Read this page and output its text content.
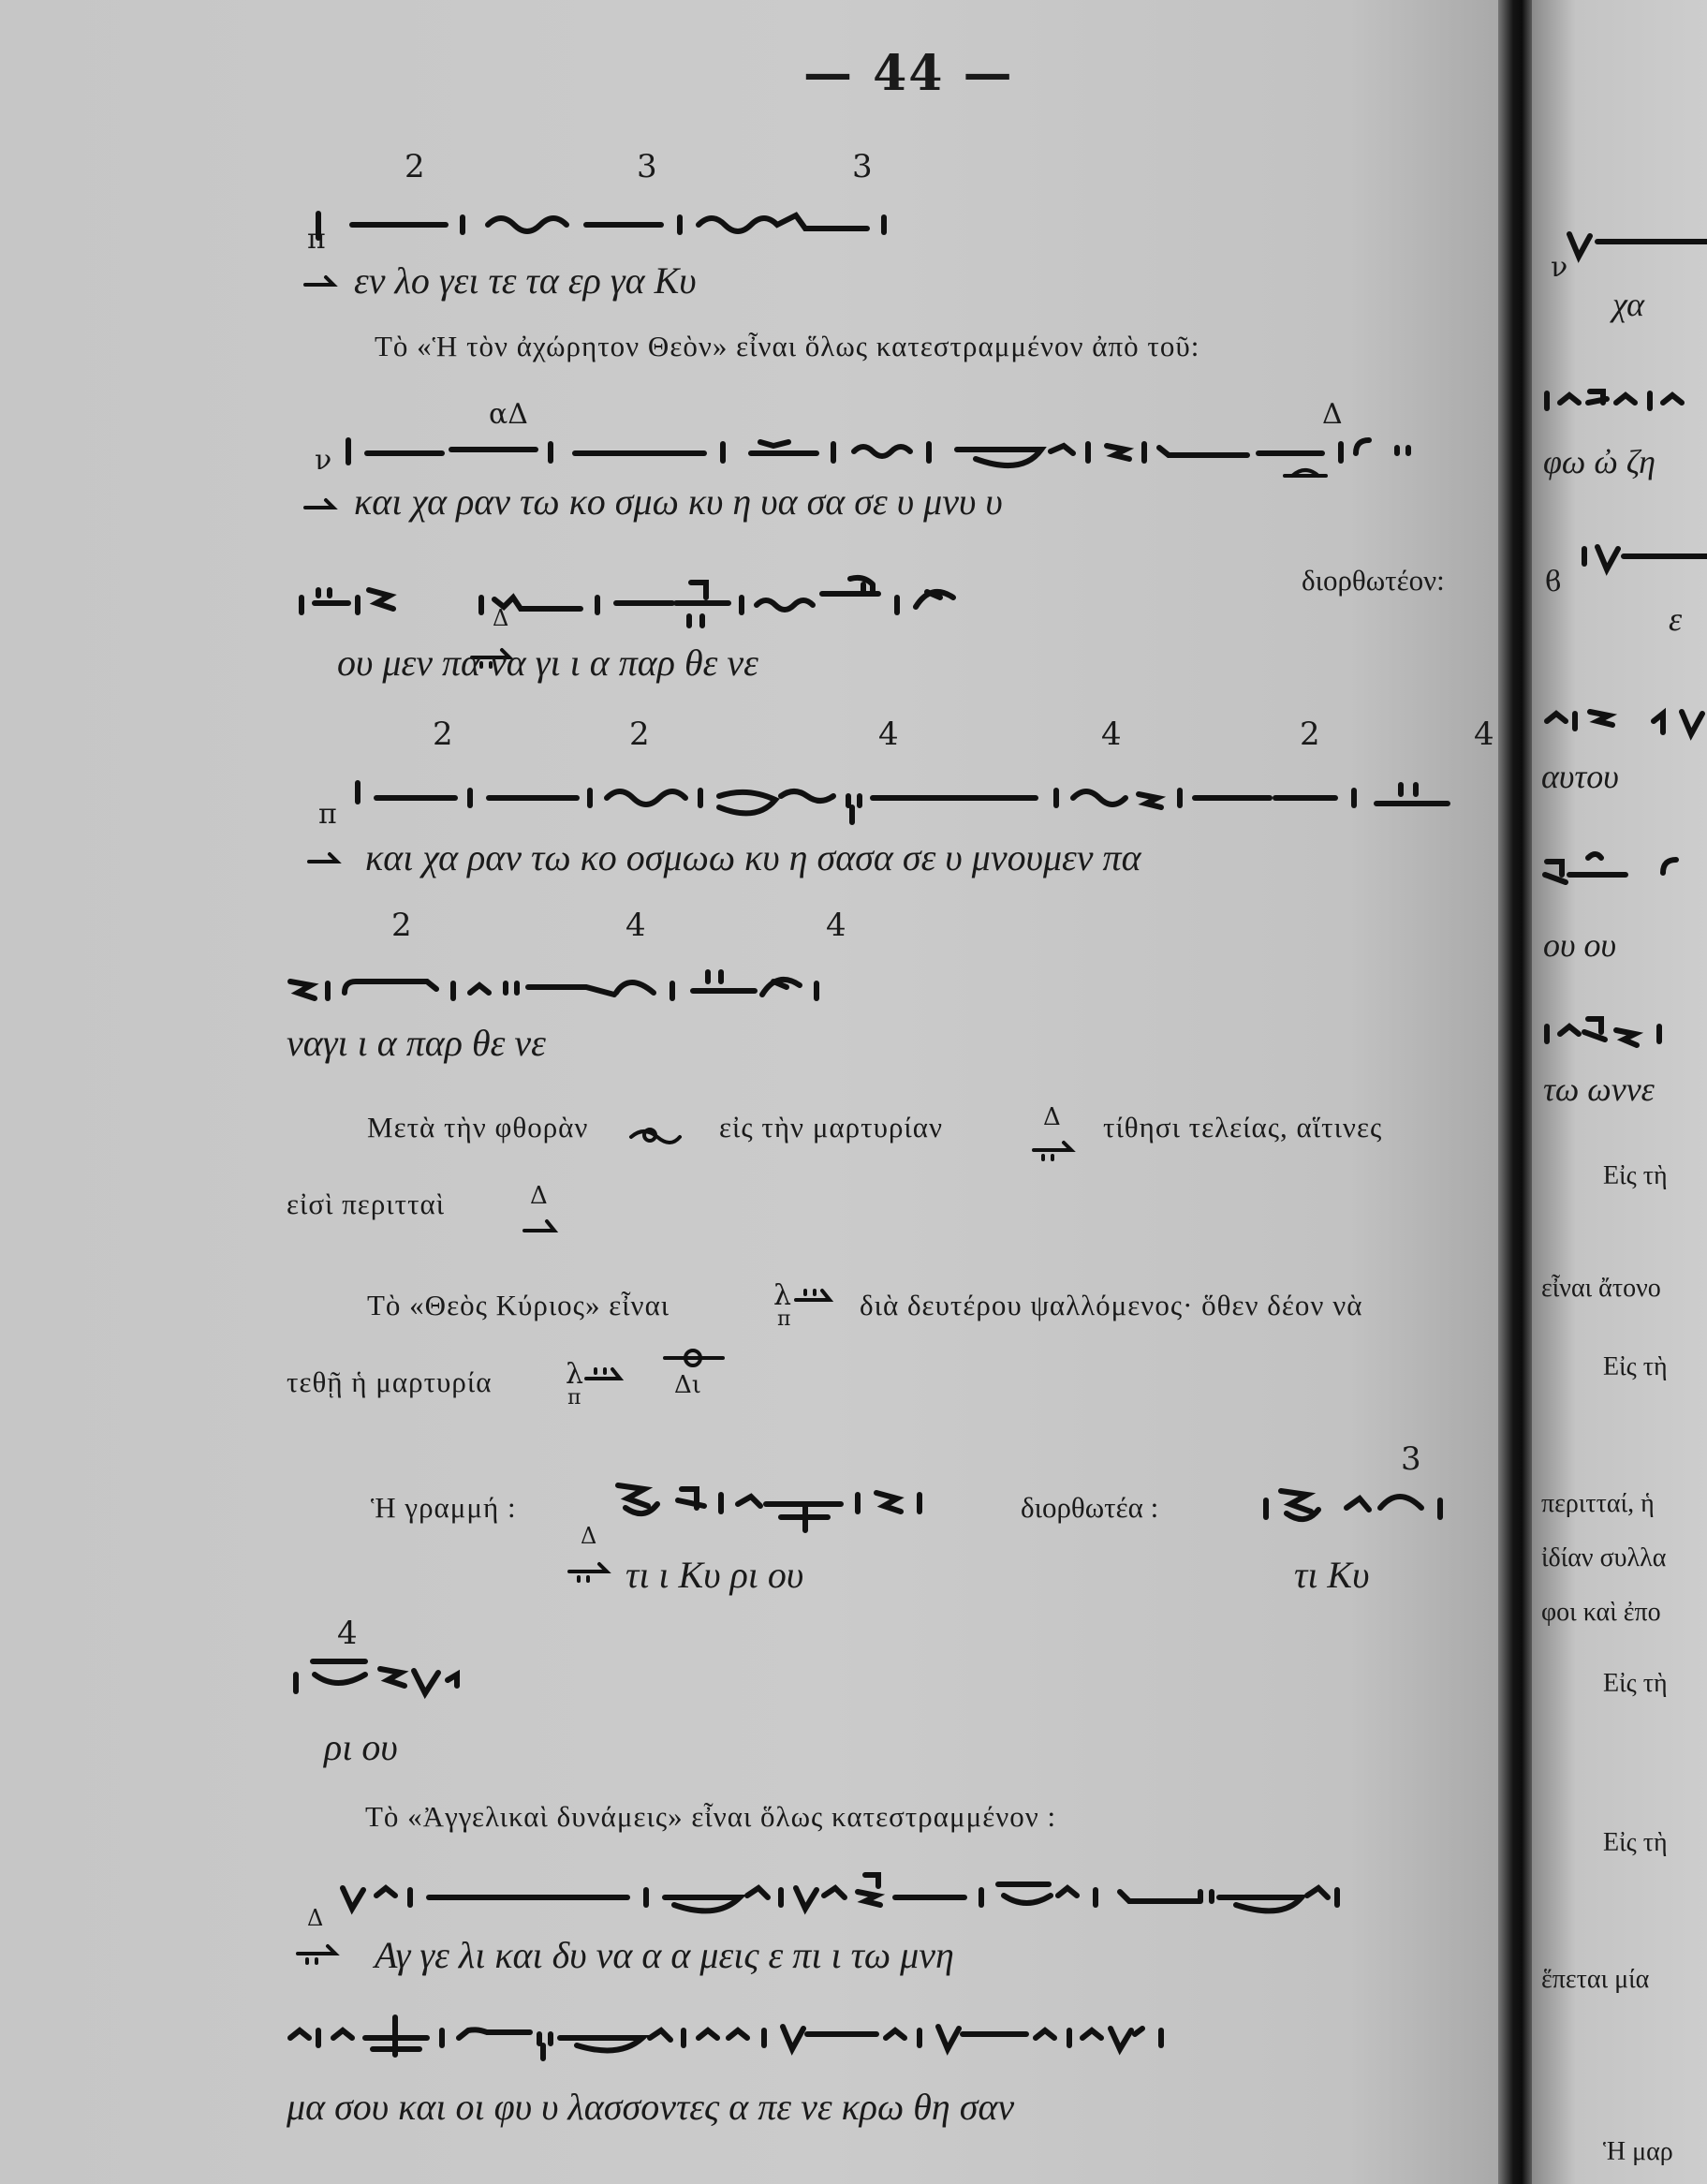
— 44 —
2	3	3
π
εν λο γει τε τα ερ γα Κυ
Τὸ «Ἡ τὸν ἀχώρητον Θεὸν» εἶναι ὅλως κατεστραμμένον ἀπὸ τοῦ:
αΔ	Δ
ν
και χα ραν τω κο σμω κυ η υα σα σε υ μνυ υ
διορθωτέον:
Δ
ου μεν πα να γι ι α παρ θε νε
2	2	4	4	2	4
π
και χα ραν τω κο οσμωω κυ η σασα σε υ μνουμεν πα
2	4	4
ναγι ι α παρ θε νε
Μετὰ τὴν φθορὰν	εἰς τὴν μαρτυρίαν	Δ τίθησι τελείας, αἵτινες
εἰσὶ περιτταὶ	Δ
Τὸ «Θεὸς Κύριος» εἶναι	λ
π διὰ δευτέρου ψαλλόμενος· ὅθεν δέον νὰ
τεθῇ ἡ μαρτυρία	λ
π	Δι
3
Ἡ γραμμή :	διορθωτέα :
Δ
τι ι Κυ ρι ου	τι Κυ
4
ρι ου
Τὸ «Ἀγγελικαὶ δυνάμεις» εἶναι ὅλως κατεστραμμένον :
Δ
Αγ γε λι και δυ να α α μεις ε πι ι τω μνη
μα σου και οι φυ υ λασσοντες α πε νε κρω θη σαν
ν
χα
φω ὠ ζη
ϐ
ε
αυτου
ου ου
τω ωννε
Εἰς τὴ
εἶναι ἄτονο
Εἰς τὴ
περιτταί, ἡ
ἰδίαν συλλα
φοι καὶ ἐπο
Εἰς τὴ
Εἰς τὴ
ἕπεται μία
Ἡ μαρ
